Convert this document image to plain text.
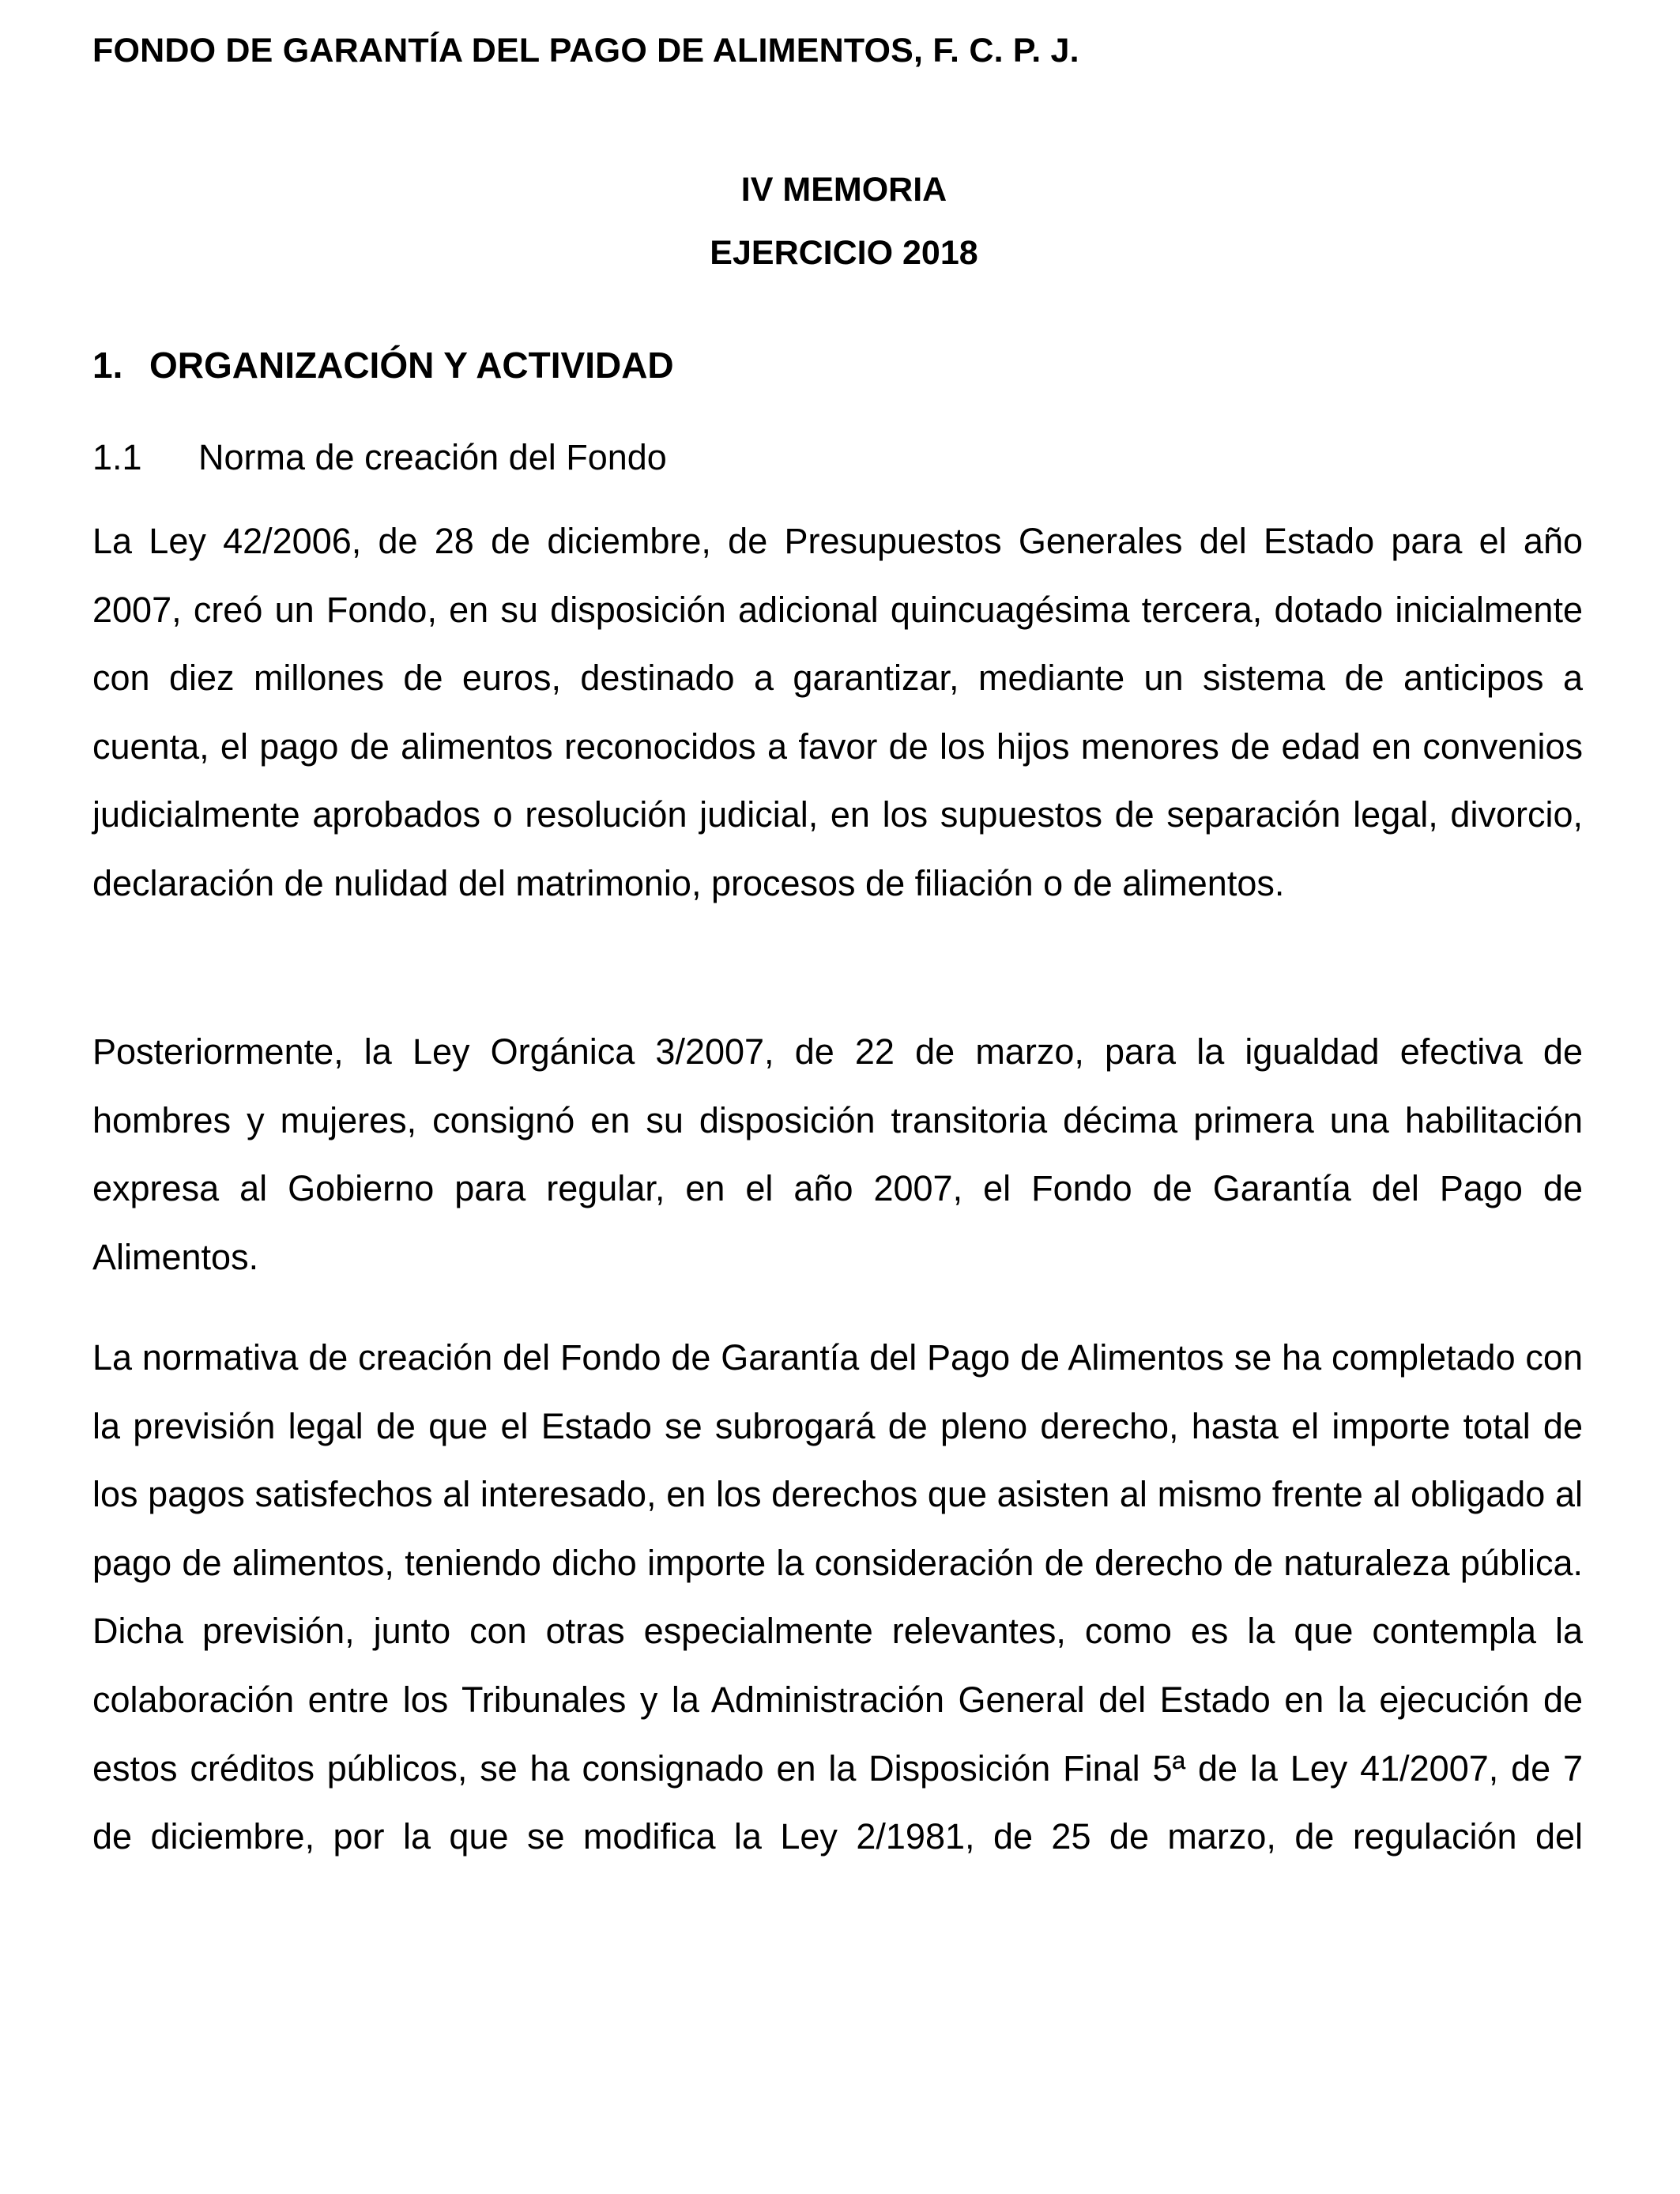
FONDO DE GARANTÍA DEL PAGO DE ALIMENTOS, F. C. P. J.
IV MEMORIA
EJERCICIO 2018
1. ORGANIZACIÓN Y ACTIVIDAD
1.1 Norma de creación del Fondo

La Ley 42/2006, de 28 de diciembre, de Presupuestos Generales del Estado para el año 2007, creó un Fondo, en su disposición adicional quincuagésima tercera, dotado inicialmente con diez millones de euros, destinado a garantizar, mediante un sistema de anticipos a cuenta, el pago de alimentos reconocidos a favor de los hijos menores de edad en convenios judicialmente aprobados o resolución judicial, en los supuestos de separación legal, divorcio, declaración de nulidad del matrimonio, procesos de filiación o de alimentos.

Posteriormente, la Ley Orgánica 3/2007, de 22 de marzo, para la igualdad efectiva de hombres y mujeres, consignó en su disposición transitoria décima primera una habilitación expresa al Gobierno para regular, en el año 2007, el Fondo de Garantía del Pago de Alimentos.

La normativa de creación del Fondo de Garantía del Pago de Alimentos se ha completado con la previsión legal de que el Estado se subrogará de pleno derecho, hasta el importe total de los pagos satisfechos al interesado, en los derechos que asisten al mismo frente al obligado al pago de alimentos, teniendo dicho importe la consideración de derecho de naturaleza pública. Dicha previsión, junto con otras especialmente relevantes, como es la que contempla la colaboración entre los Tribunales y la Administración General del Estado en la ejecución de estos créditos públicos, se ha consignado en la Disposición Final 5ª de la Ley 41/2007, de 7 de diciembre, por la que se modifica la Ley 2/1981, de 25 de marzo, de regulación del
